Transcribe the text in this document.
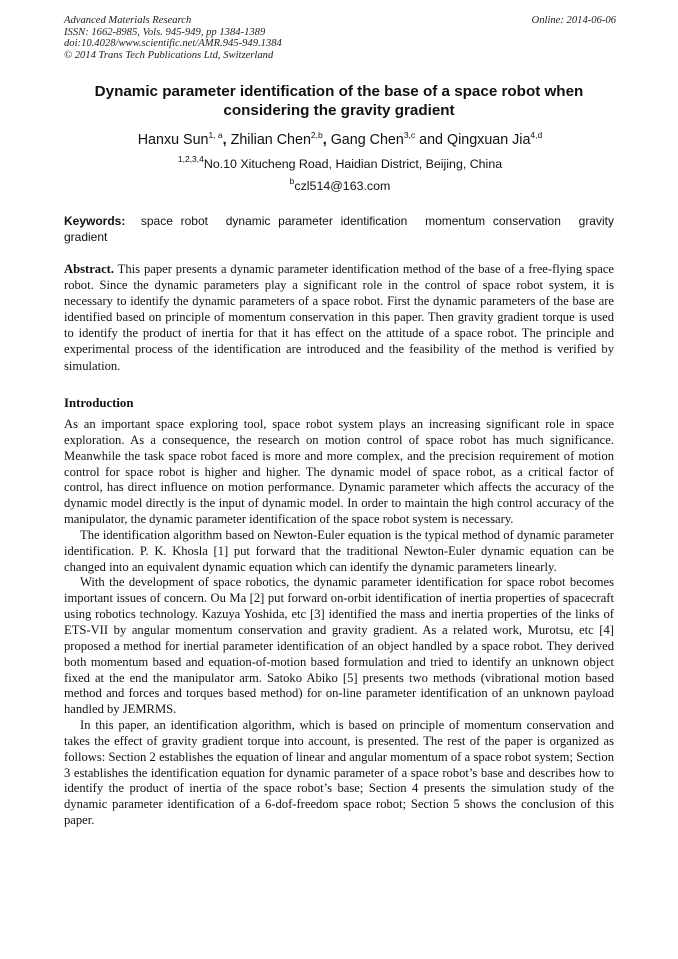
Advanced Materials Research
ISSN: 1662-8985, Vols. 945-949, pp 1384-1389
doi:10.4028/www.scientific.net/AMR.945-949.1384
© 2014 Trans Tech Publications Ltd, Switzerland
Online: 2014-06-06
Dynamic parameter identification of the base of a space robot when considering the gravity gradient
Hanxu Sun$^{1, a}$, Zhilian Chen$^{2,b}$, Gang Chen$^{3,c}$ and Qingxuan Jia$^{4,d}$
$^{1,2,3,4}$No.10 Xitucheng Road, Haidian District, Beijing, China
$^b$czl514@163.com
Keywords: space robot dynamic parameter identification momentum conservation gravity gradient
Abstract. This paper presents a dynamic parameter identification method of the base of a free-flying space robot. Since the dynamic parameters play a significant role in the control of space robot system, it is necessary to identify the dynamic parameters of a space robot. First the dynamic parameters of the base are identified based on principle of momentum conservation in this paper. Then gravity gradient torque is used to identify the product of inertia for that it has effect on the attitude of a space robot. The principle and experimental process of the identification are introduced and the feasibility of the method is verified by simulation.
Introduction

As an important space exploring tool, space robot system plays an increasing significant role in space exploration. As a consequence, the research on motion control of space robot has much significance. Meanwhile the task space robot faced is more and more complex, and the precision requirement of motion control for space robot is higher and higher. The dynamic model of space robot, as a critical factor of control, has direct influence on motion performance. Dynamic parameter which affects the accuracy of the dynamic model directly is the input of dynamic model. In order to maintain the high control accuracy of the manipulator, the dynamic parameter identification of the space robot system is necessary.

The identification algorithm based on Newton-Euler equation is the typical method of dynamic parameter identification. P. K. Khosla [1] put forward that the traditional Newton-Euler dynamic equation can be changed into an equivalent dynamic equation which can identify the dynamic parameters linearly.

With the development of space robotics, the dynamic parameter identification for space robot becomes important issues of concern. Ou Ma [2] put forward on-orbit identification of inertia properties of spacecraft using robotics technology. Kazuya Yoshida, etc [3] identified the mass and inertia properties of the links of ETS-VII by angular momentum conservation and gravity gradient. As a related work, Murotsu, etc [4] proposed a method for inertial parameter identification of an object handled by a space robot. They derived both momentum based and equation-of-motion based formulation and tried to identify an unknown object fixed at the end the manipulator arm. Satoko Abiko [5] presents two methods (vibrational motion based method and forces and torques based method) for on-line parameter identification of an unknown payload handled by JEMRMS.

In this paper, an identification algorithm, which is based on principle of momentum conservation and takes the effect of gravity gradient torque into account, is presented. The rest of the paper is organized as follows: Section 2 establishes the equation of linear and angular momentum of a space robot system; Section 3 establishes the identification equation for dynamic parameter of a space robot’s base and describes how to identify the product of inertia of the space robot’s base; Section 4 presents the simulation study of the dynamic parameter identification of a 6-dof-freedom space robot; Section 5 shows the conclusion of this paper.
